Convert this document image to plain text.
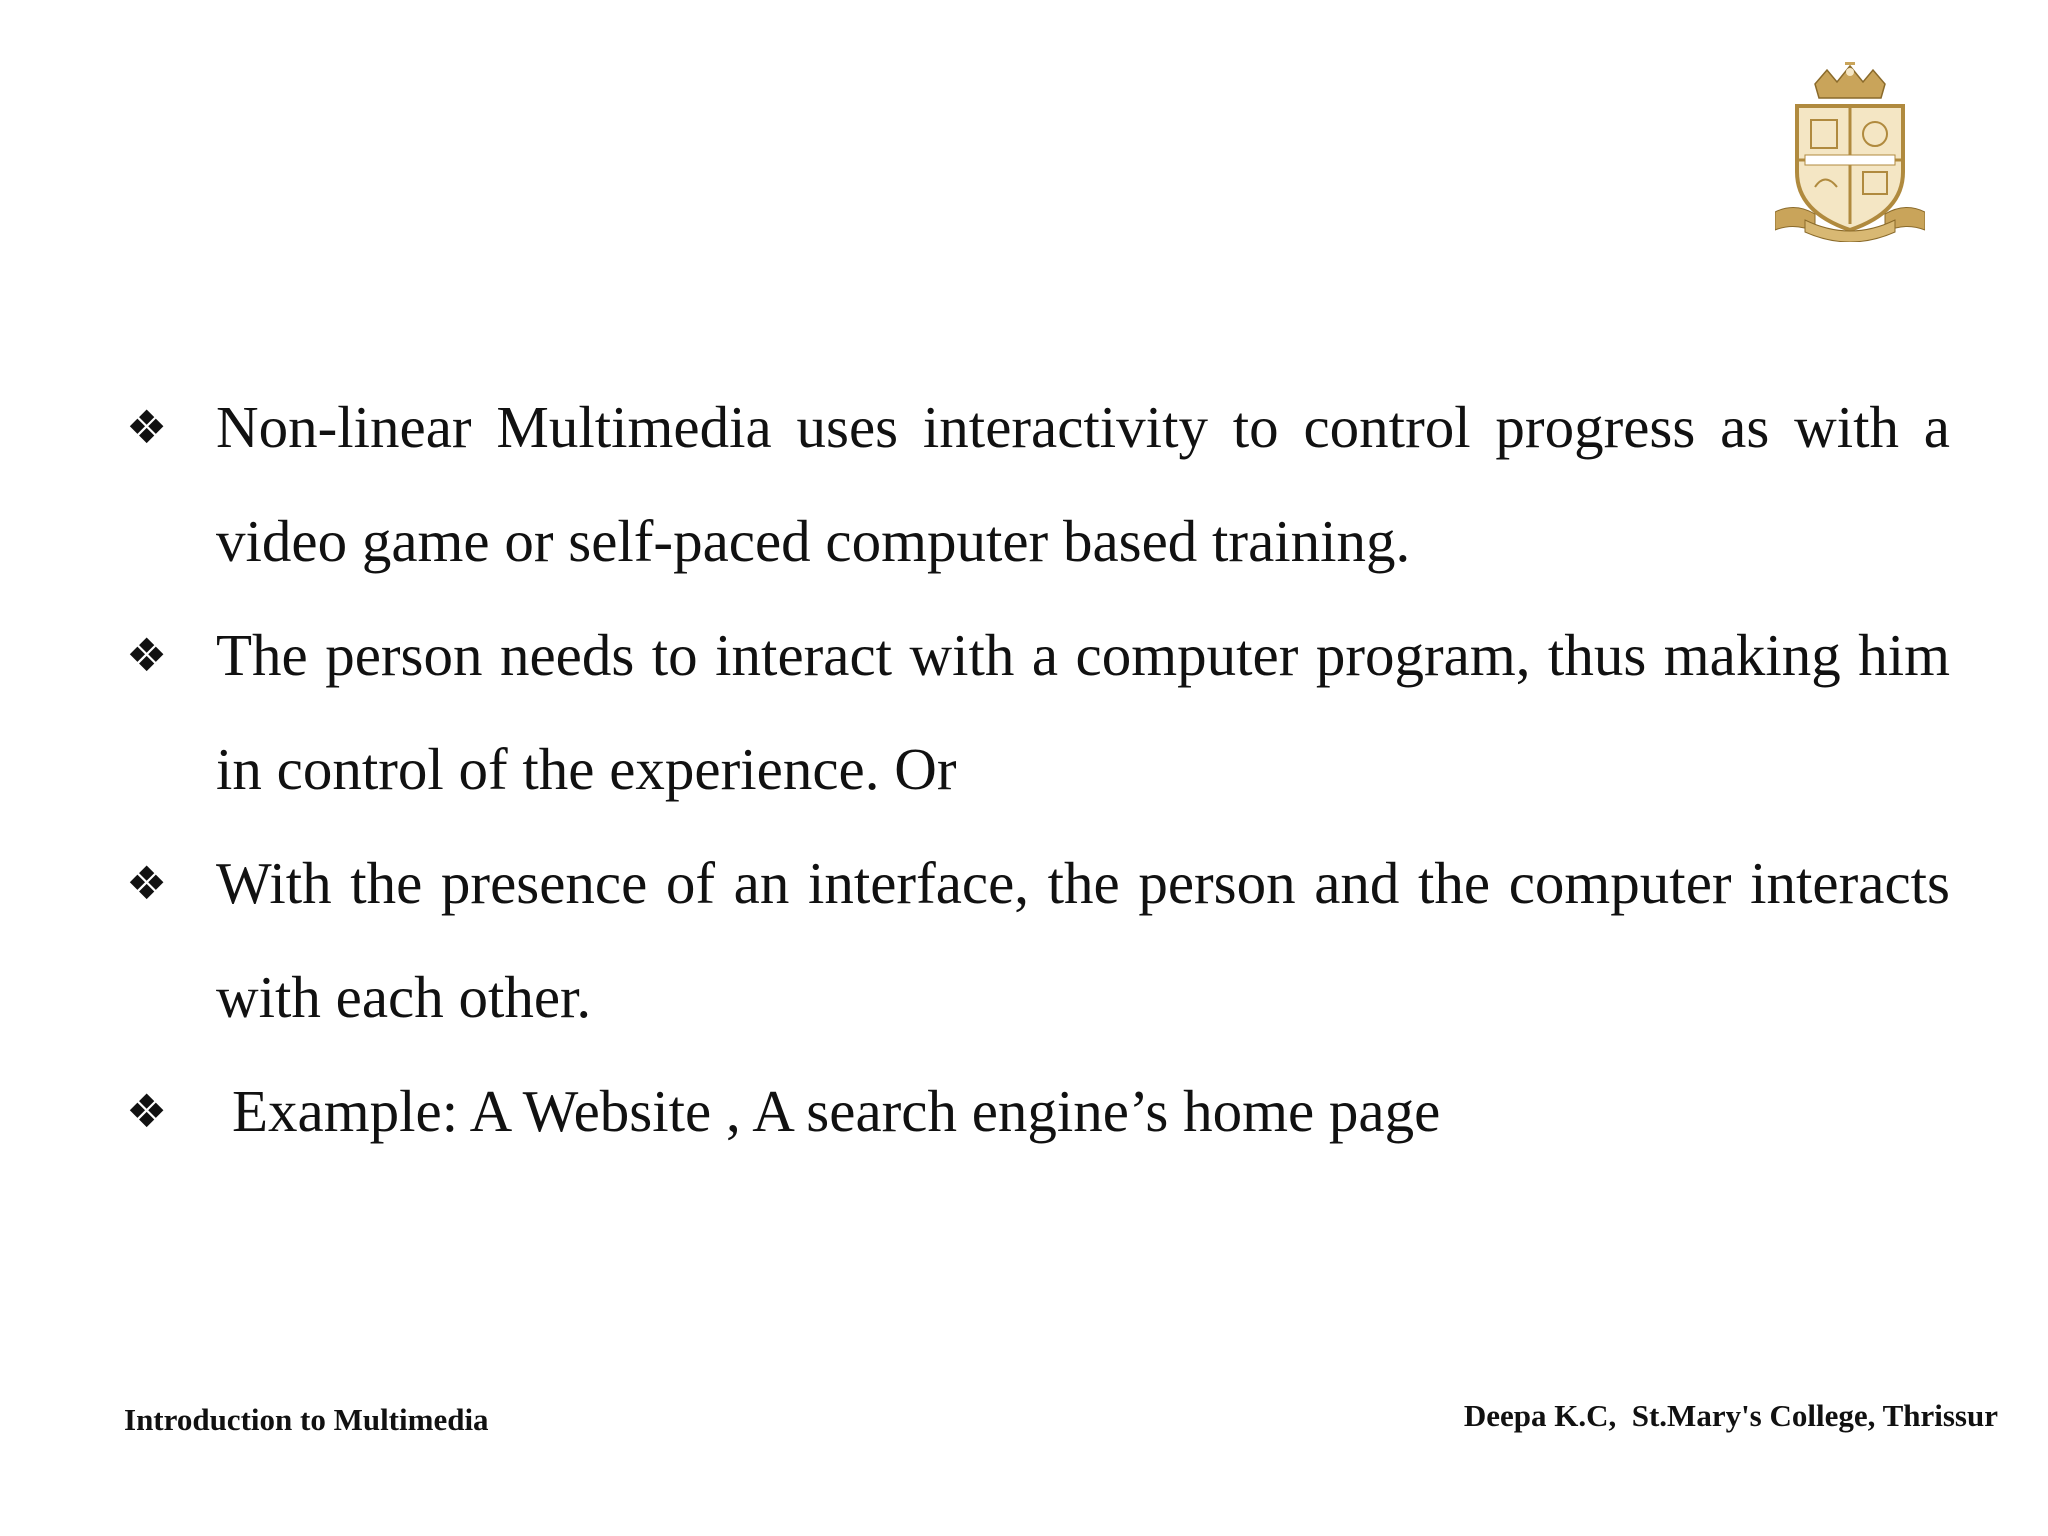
❖ Non-linear Multimedia uses interactivity to control progress as with a video game or self-paced computer based training.
❖ The person needs to interact with a computer program, thus making him in control of the experience. Or
❖ With the presence of an interface, the person and the computer interacts with each other.
❖ Example: A Website , A search engine’s home page
Introduction to Multimedia	Deepa K.C,  St.Mary's College, Thrissur
